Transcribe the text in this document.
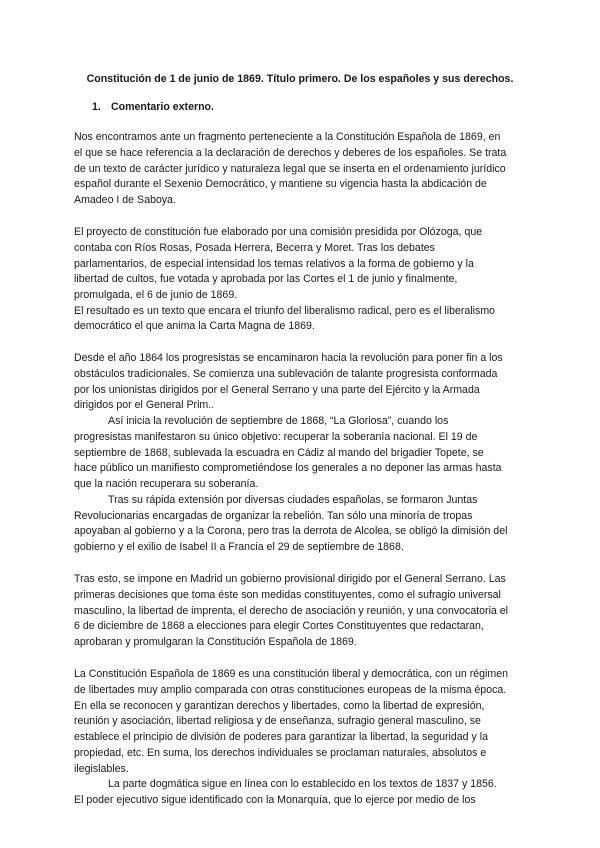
Constitución de 1 de junio de 1869. Título primero. De los españoles y sus derechos.
1. Comentario externo.
Nos encontramos ante un fragmento perteneciente a la Constitución Española de 1869, en
el que se hace referencia a la declaración de derechos y deberes de los españoles. Se trata
de un texto de carácter jurídico y naturaleza legal que se inserta en el ordenamiento jurídico
español durante el Sexenio Democrático, y mantiene su vigencia hasta la abdicación de
Amadeo I de Saboya.
El proyecto de constitución fue elaborado por una comisión presidida por Olózoga, que
contaba con Ríos Rosas, Posada Herrera, Becerra y Moret. Tras los debates
parlamentarios, de especial intensidad los temas relativos a la forma de gobierno y la
libertad de cultos, fue votada y aprobada por las Cortes el 1 de junio y finalmente,
promulgada, el 6 de junio de 1869.
El resultado es un texto que encara el triunfo del liberalismo radical, pero es el liberalismo
democrático el que anima la Carta Magna de 1869.
Desde el año 1864 los progresistas se encaminaron hacia la revolución para poner fin a los
obstáculos tradicionales. Se comienza una sublevación de talante progresista conformada
por los unionistas dirigidos por el General Serrano y una parte del Ejército y la Armada
dirigidos por el General Prim..
Así inicia la revolución de septiembre de 1868, “La Gloriosa”, cuando los
progresistas manifestaron su único objetivo: recuperar la soberanía nacional. El 19 de
septiembre de 1868, sublevada la escuadra en Cádiz al mando del brigadier Topete, se
hace público un manifiesto comprometiéndose los generales a no deponer las armas hasta
que la nación recuperara su soberanía.
Tras su rápida extensión por diversas ciudades españolas, se formaron Juntas
Revolucionarias encargadas de organizar la rebelión. Tan sólo una minoría de tropas
apoyaban al gobierno y a la Corona, pero tras la derrota de Alcolea, se obligó la dimisión del
gobierno y el exilio de Isabel II a Francia el 29 de septiembre de 1868.
Tras esto, se impone en Madrid un gobierno provisional dirigido por el General Serrano. Las
primeras decisiones que toma éste son medidas constituyentes, como el sufragio universal
masculino, la libertad de imprenta, el derecho de asociación y reunión, y una convocatoria el
6 de diciembre de 1868 a elecciones para elegir Cortes Constituyentes que redactaran,
aprobaran y promulgaran la Constitución Española de 1869.
La Constitución Española de 1869 es una constitución liberal y democrática, con un régimen
de libertades muy amplio comparada con otras constituciones europeas de la misma época.
En ella se reconocen y garantizan derechos y libertades, como la libertad de expresión,
reunión y asociación, libertad religiosa y de enseñanza, sufragio general masculino, se
establece el principio de división de poderes para garantizar la libertad, la seguridad y la
propiedad, etc. En suma, los derechos individuales se proclaman naturales, absolutos e
ilegislables.
La parte dogmática sigue en línea con lo establecido en los textos de 1837 y 1856.
El poder ejecutivo sigue identificado con la Monarquía, que lo ejerce por medio de los
